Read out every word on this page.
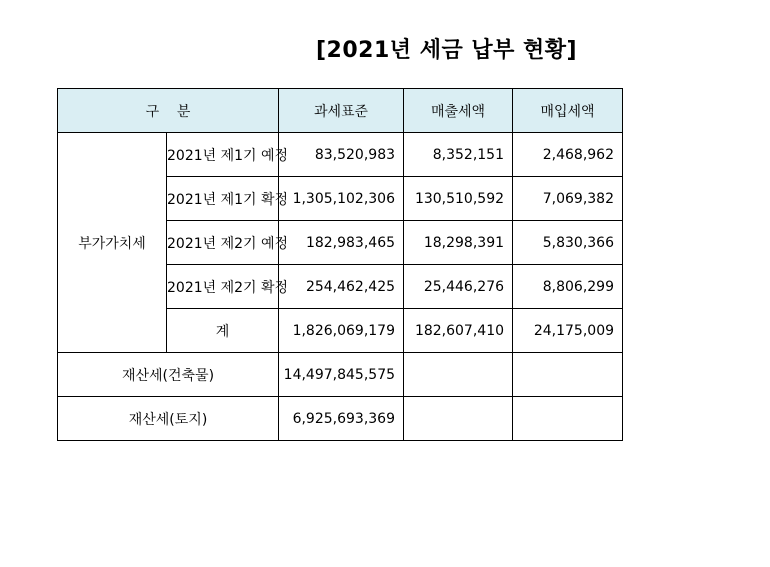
[2021년 세금 납부 현황]
구    분		과세표준	매출세액	매입세액
부가가치세	2021년 제1기 예정	83,520,983	8,352,151	2,468,962
	2021년 제1기 확정	1,305,102,306	130,510,592	7,069,382
	2021년 제2기 예정	182,983,465	18,298,391	5,830,366
	2021년 제2기 확정	254,462,425	25,446,276	8,806,299
	계	1,826,069,179	182,607,410	24,175,009
재산세(건축물)		14,497,845,575		
재산세(토지)		6,925,693,369		
